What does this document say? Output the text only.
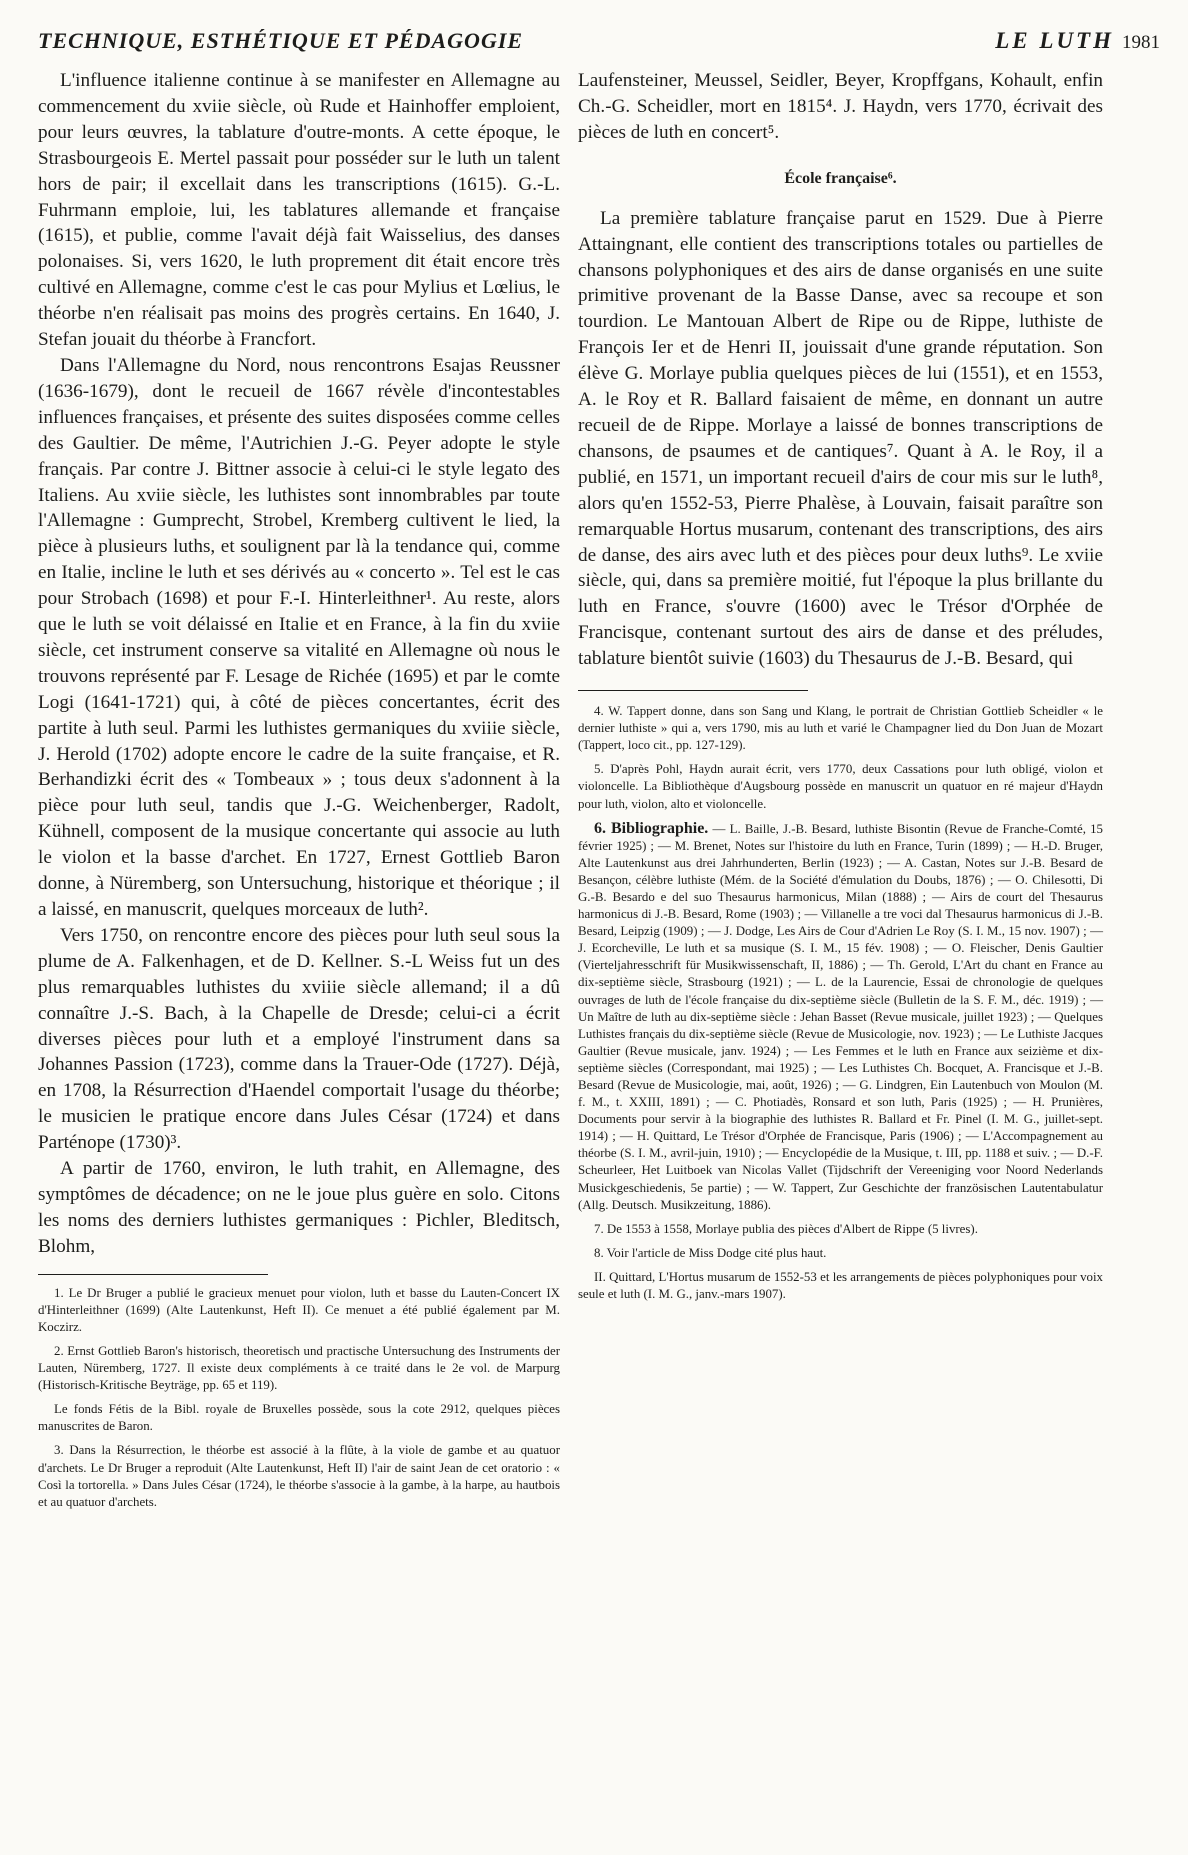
TECHNIQUE, ESTHÉTIQUE ET PÉDAGOGIE	LE LUTH 1981

L'influence italienne continue à se manifester en Allemagne au commencement du xviie siècle, où Rude et Hainhoffer emploient, pour leurs œuvres, la tablature d'outre-monts. A cette époque, le Strasbourgeois E. Mertel passait pour posséder sur le luth un talent hors de pair; il excellait dans les transcriptions (1615). G.-L. Fuhrmann emploie, lui, les tablatures allemande et française (1615), et publie, comme l'avait déjà fait Waisselius, des danses polonaises. Si, vers 1620, le luth proprement dit était encore très cultivé en Allemagne, comme c'est le cas pour Mylius et Lœlius, le théorbe n'en réalisait pas moins des progrès certains. En 1640, J. Stefan jouait du théorbe à Francfort.

Dans l'Allemagne du Nord, nous rencontrons Esajas Reussner (1636-1679), dont le recueil de 1667 révèle d'incontestables influences françaises, et présente des suites disposées comme celles des Gaultier. De même, l'Autrichien J.-G. Peyer adopte le style français. Par contre J. Bittner associe à celui-ci le style legato des Italiens. Au xviie siècle, les luthistes sont innombrables par toute l'Allemagne : Gumprecht, Strobel, Kremberg cultivent le lied, la pièce à plusieurs luths, et soulignent par là la tendance qui, comme en Italie, incline le luth et ses dérivés au « concerto ». Tel est le cas pour Strobach (1698) et pour F.-I. Hinterleithner¹. Au reste, alors que le luth se voit délaissé en Italie et en France, à la fin du xviie siècle, cet instrument conserve sa vitalité en Allemagne où nous le trouvons représenté par F. Lesage de Richée (1695) et par le comte Logi (1641-1721) qui, à côté de pièces concertantes, écrit des partite à luth seul. Parmi les luthistes germaniques du xviiie siècle, J. Herold (1702) adopte encore le cadre de la suite française, et R. Berhandizki écrit des « Tombeaux » ; tous deux s'adonnent à la pièce pour luth seul, tandis que J.-G. Weichenberger, Radolt, Kühnell, composent de la musique concertante qui associe au luth le violon et la basse d'archet. En 1727, Ernest Gottlieb Baron donne, à Nüremberg, son Untersuchung, historique et théorique ; il a laissé, en manuscrit, quelques morceaux de luth².

Vers 1750, on rencontre encore des pièces pour luth seul sous la plume de A. Falkenhagen, et de D. Kellner. S.-L Weiss fut un des plus remarquables luthistes du xviiie siècle allemand; il a dû connaître J.-S. Bach, à la Chapelle de Dresde; celui-ci a écrit diverses pièces pour luth et a employé l'instrument dans sa Johannes Passion (1723), comme dans la Trauer-Ode (1727). Déjà, en 1708, la Résurrection d'Haendel comportait l'usage du théorbe; le musicien le pratique encore dans Jules César (1724) et dans Parténope (1730)³.

A partir de 1760, environ, le luth trahit, en Allemagne, des symptômes de décadence; on ne le joue plus guère en solo. Citons les noms des derniers luthistes germaniques : Pichler, Bleditsch, Blohm,

1. Le Dr Bruger a publié le gracieux menuet pour violon, luth et basse du Lauten-Concert IX d'Hinterleithner (1699) (Alte Lautenkunst, Heft II). Ce menuet a été publié également par M. Koczirz.

2. Ernst Gottlieb Baron's historisch, theoretisch und practische Untersuchung des Instruments der Lauten, Nüremberg, 1727. Il existe deux compléments à ce traité dans le 2e vol. de Marpurg (Historisch-Kritische Beyträge, pp. 65 et 119).

Le fonds Fétis de la Bibl. royale de Bruxelles possède, sous la cote 2912, quelques pièces manuscrites de Baron.

3. Dans la Résurrection, le théorbe est associé à la flûte, à la viole de gambe et au quatuor d'archets. Le Dr Bruger a reproduit (Alte Lautenkunst, Heft II) l'air de saint Jean de cet oratorio : « Così la tortorella. » Dans Jules César (1724), le théorbe s'associe à la gambe, à la harpe, au hautbois et au quatuor d'archets.

Laufensteiner, Meussel, Seidler, Beyer, Kropffgans, Kohault, enfin Ch.-G. Scheidler, mort en 1815⁴. J. Haydn, vers 1770, écrivait des pièces de luth en concert⁵.

École française⁶.

La première tablature française parut en 1529. Due à Pierre Attaingnant, elle contient des transcriptions totales ou partielles de chansons polyphoniques et des airs de danse organisés en une suite primitive provenant de la Basse Danse, avec sa recoupe et son tourdion. Le Mantouan Albert de Ripe ou de Rippe, luthiste de François Ier et de Henri II, jouissait d'une grande réputation. Son élève G. Morlaye publia quelques pièces de lui (1551), et en 1553, A. le Roy et R. Ballard faisaient de même, en donnant un autre recueil de de Rippe. Morlaye a laissé de bonnes transcriptions de chansons, de psaumes et de cantiques⁷. Quant à A. le Roy, il a publié, en 1571, un important recueil d'airs de cour mis sur le luth⁸, alors qu'en 1552-53, Pierre Phalèse, à Louvain, faisait paraître son remarquable Hortus musarum, contenant des transcriptions, des airs de danse, des airs avec luth et des pièces pour deux luths⁹. Le xviie siècle, qui, dans sa première moitié, fut l'époque la plus brillante du luth en France, s'ouvre (1600) avec le Trésor d'Orphée de Francisque, contenant surtout des airs de danse et des préludes, tablature bientôt suivie (1603) du Thesaurus de J.-B. Besard, qui

4. W. Tappert donne, dans son Sang und Klang, le portrait de Christian Gottlieb Scheidler « le dernier luthiste » qui a, vers 1790, mis au luth et varié le Champagner lied du Don Juan de Mozart (Tappert, loco cit., pp. 127-129).

5. D'après Pohl, Haydn aurait écrit, vers 1770, deux Cassations pour luth obligé, violon et violoncelle. La Bibliothèque d'Augsbourg possède en manuscrit un quatuor en ré majeur d'Haydn pour luth, violon, alto et violoncelle.

6. Bibliographie. — L. Baille, J.-B. Besard, luthiste Bisontin (Revue de Franche-Comté, 15 février 1925) ; — M. Brenet, Notes sur l'histoire du luth en France, Turin (1899) ; — H.-D. Bruger, Alte Lautenkunst aus drei Jahrhunderten, Berlin (1923) ; — A. Castan, Notes sur J.-B. Besard de Besançon, célèbre luthiste (Mém. de la Société d'émulation du Doubs, 1876) ; — O. Chilesotti, Di G.-B. Besardo e del suo Thesaurus harmonicus, Milan (1888) ; — Airs de court del Thesaurus harmonicus di J.-B. Besard, Rome (1903) ; — Villanelle a tre voci dal Thesaurus harmonicus di J.-B. Besard, Leipzig (1909) ; — J. Dodge, Les Airs de Cour d'Adrien Le Roy (S. I. M., 15 nov. 1907) ; — J. Ecorcheville, Le luth et sa musique (S. I. M., 15 fév. 1908) ; — O. Fleischer, Denis Gaultier (Vierteljahresschrift für Musikwissenschaft, II, 1886) ; — Th. Gerold, L'Art du chant en France au dix-septième siècle, Strasbourg (1921) ; — L. de la Laurencie, Essai de chronologie de quelques ouvrages de luth de l'école française du dix-septième siècle (Bulletin de la S. F. M., déc. 1919) ; — Un Maître de luth au dix-septième siècle : Jehan Basset (Revue musicale, juillet 1923) ; — Quelques Luthistes français du dix-septième siècle (Revue de Musicologie, nov. 1923) ; — Le Luthiste Jacques Gaultier (Revue musicale, janv. 1924) ; — Les Femmes et le luth en France aux seizième et dix-septième siècles (Correspondant, mai 1925) ; — Les Luthistes Ch. Bocquet, A. Francisque et J.-B. Besard (Revue de Musicologie, mai, août, 1926) ; — G. Lindgren, Ein Lautenbuch von Moulon (M. f. M., t. XXIII, 1891) ; — C. Photiadès, Ronsard et son luth, Paris (1925) ; — H. Prunières, Documents pour servir à la biographie des luthistes R. Ballard et Fr. Pinel (I. M. G., juillet-sept. 1914) ; — H. Quittard, Le Trésor d'Orphée de Francisque, Paris (1906) ; — L'Accompagnement au théorbe (S. I. M., avril-juin, 1910) ; — Encyclopédie de la Musique, t. III, pp. 1188 et suiv. ; — D.-F. Scheurleer, Het Luitboek van Nicolas Vallet (Tijdschrift der Vereeniging voor Noord Nederlands Musickgeschiedenis, 5e partie) ; — W. Tappert, Zur Geschichte der französischen Lautentabulatur (Allg. Deutsch. Musikzeitung, 1886).

7. De 1553 à 1558, Morlaye publia des pièces d'Albert de Rippe (5 livres).

8. Voir l'article de Miss Dodge cité plus haut.

II. Quittard, L'Hortus musarum de 1552-53 et les arrangements de pièces polyphoniques pour voix seule et luth (I. M. G., janv.-mars 1907).
